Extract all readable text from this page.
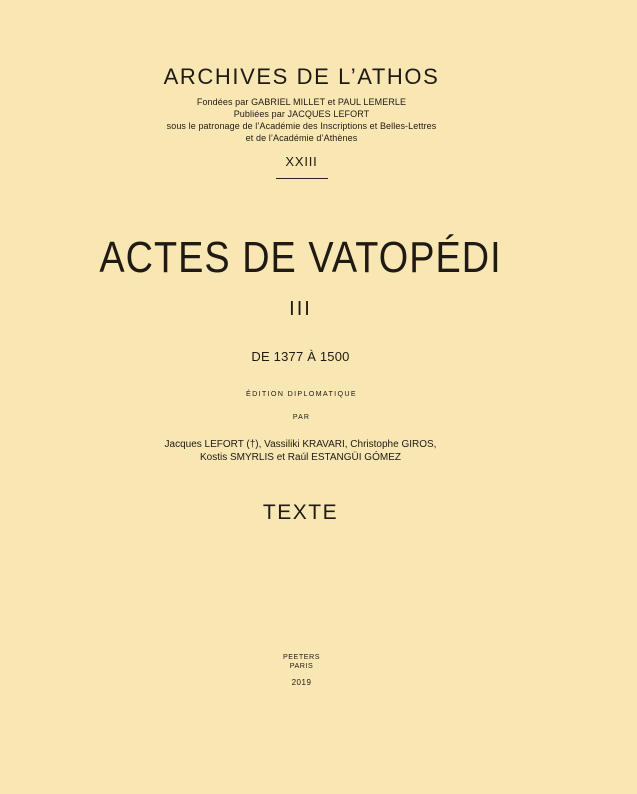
ARCHIVES DE L’ATHOS
Fondées par GABRIEL MILLET et PAUL LEMERLE
Publiées par JACQUES LEFORT
sous le patronage de l’Académie des Inscriptions et Belles-Lettres
et de l’Académie d’Athènes
XXIII
ACTES DE VATOPÉDI
III
DE 1377 À 1500
ÉDITION DIPLOMATIQUE
PAR
Jacques LEFORT (†), Vassiliki KRAVARI, Christophe GIROS,
Kostis SMYRLIS et Raúl ESTANGÜI GÓMEZ
TEXTE
PEETERS
PARIS
2019
